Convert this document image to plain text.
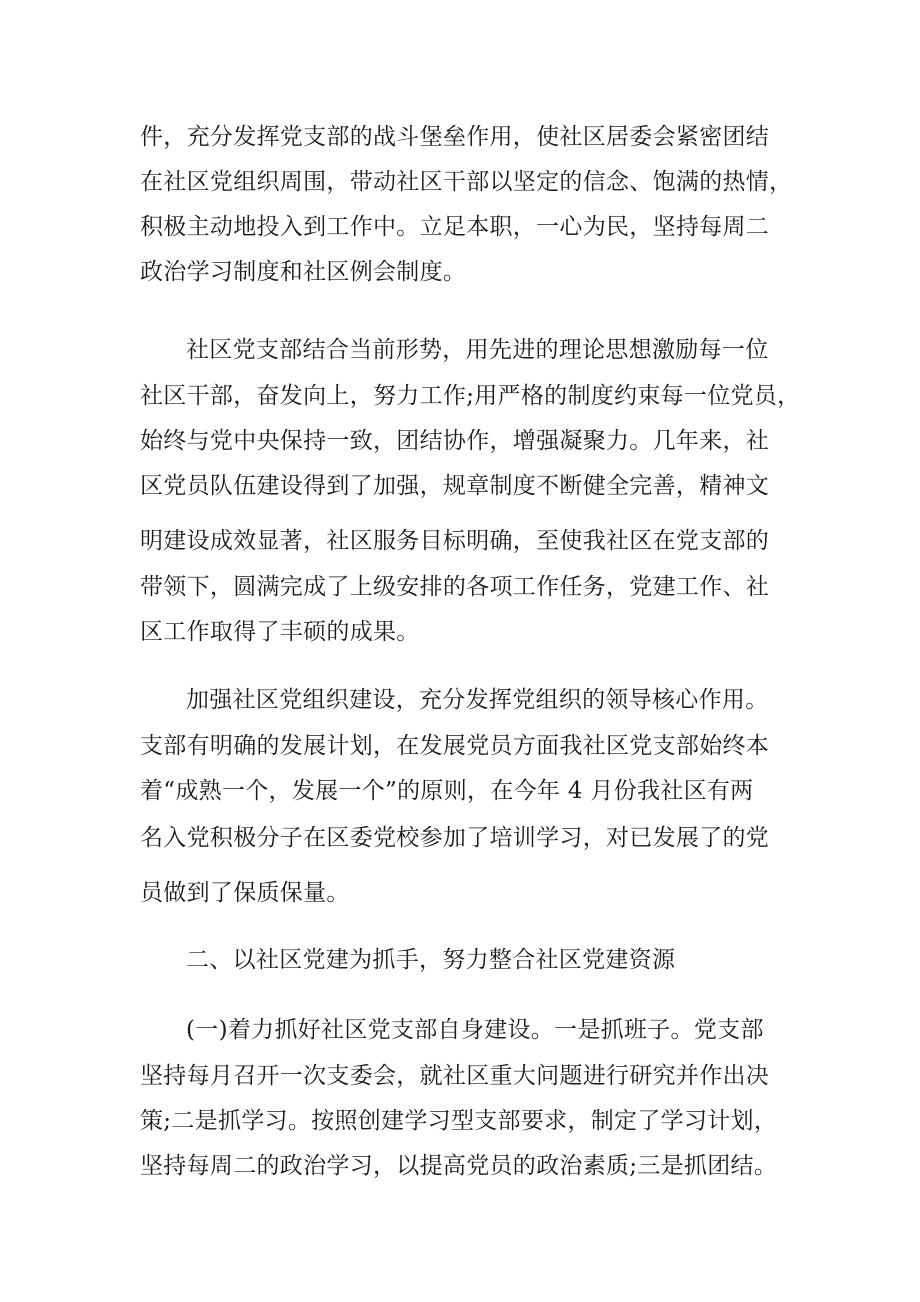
件，充分发挥党支部的战斗堡垒作用，使社区居委会紧密团结
在社区党组织周围，带动社区干部以坚定的信念、饱满的热情，
积极主动地投入到工作中。立足本职，一心为民，坚持每周二
政治学习制度和社区例会制度。
社区党支部结合当前形势，用先进的理论思想激励每一位
社区干部，奋发向上，努力工作;用严格的制度约束每一位党员，
始终与党中央保持一致，团结协作，增强凝聚力。几年来，社
区党员队伍建设得到了加强，规章制度不断健全完善，精神文
明建设成效显著，社区服务目标明确，至使我社区在党支部的
带领下，圆满完成了上级安排的各项工作任务，党建工作、社
区工作取得了丰硕的成果。
加强社区党组织建设，充分发挥党组织的领导核心作用。
支部有明确的发展计划，在发展党员方面我社区党支部始终本
着“成熟一个，发展一个”的原则，在今年 4 月份我社区有两
名入党积极分子在区委党校参加了培训学习，对已发展了的党
员做到了保质保量。
二、以社区党建为抓手，努力整合社区党建资源
(一)着力抓好社区党支部自身建设。一是抓班子。党支部
坚持每月召开一次支委会，就社区重大问题进行研究并作出决
策;二是抓学习。按照创建学习型支部要求，制定了学习计划，
坚持每周二的政治学习，以提高党员的政治素质;三是抓团结。
